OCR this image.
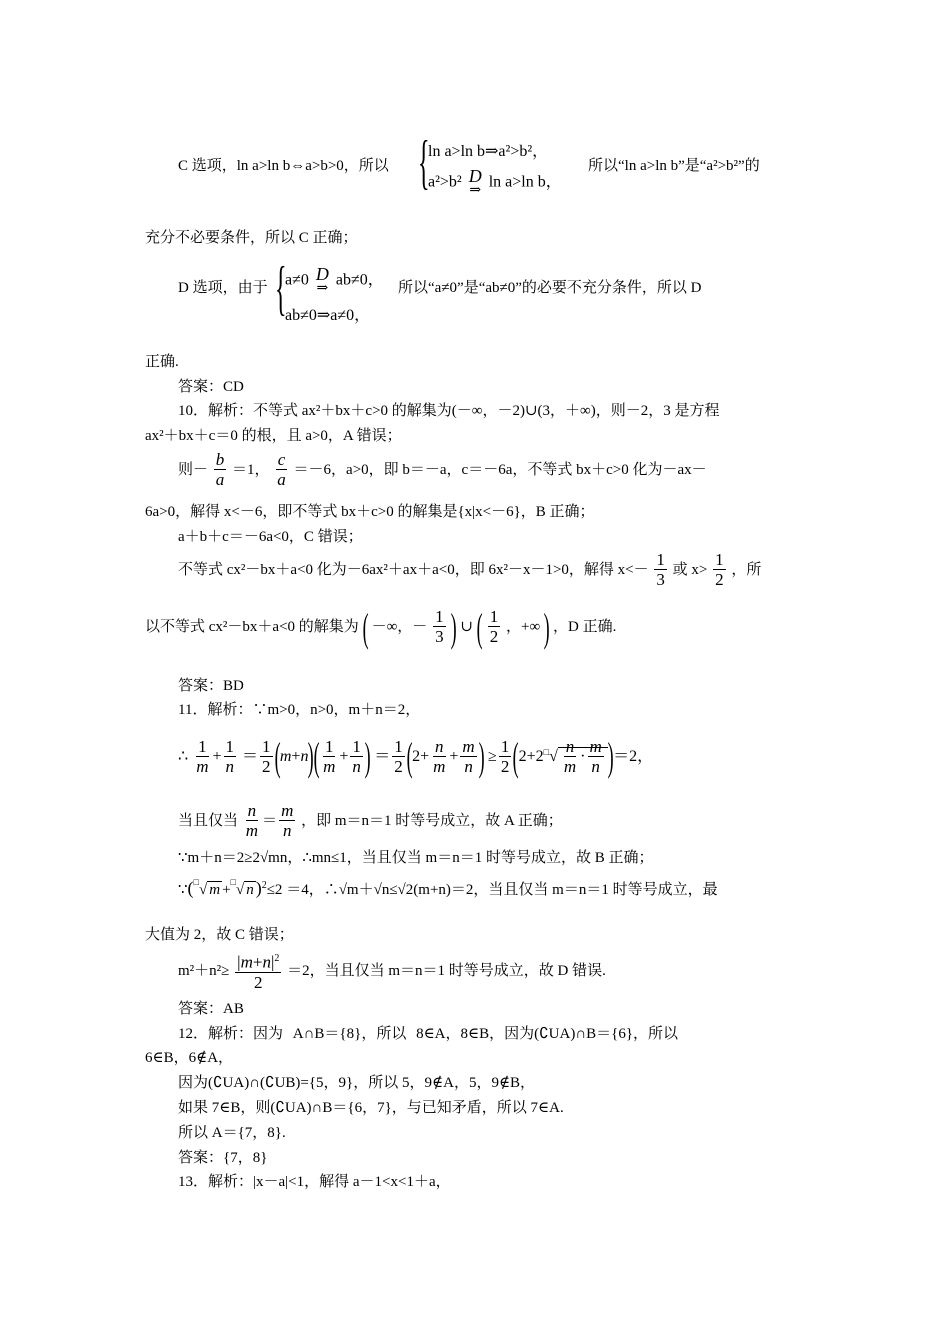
C 选项，ln a>ln b⇔a>b>0，所以 {
ln a>ln b⇒a²>b²，
a²>b² D
⇒ ln a>ln b，
所以“ln a>ln b”是“a²>b²”的
充分不必要条件，所以 C 正确；
D 选项，由于 {
a≠0 D
⇒ ab≠0，
ab≠0⇒a≠0，
所以“a≠0”是“ab≠0”的必要不充分条件，所以 D
正确.
答案：CD
10．解析：不等式 ax²＋bx＋c>0 的解集为(－∞，－2)∪(3，＋∞)，则－2，3 是方程
ax²＋bx＋c＝0 的根，且 a>0，A 错误；
则－ $\frac{b}{a} =1$， $\frac{c}{a} =-6$，a>0，即 b＝－a，c＝－6a，不等式 bx＋c>0 化为－ax－
6a>0，解得 x<－6，即不等式 bx＋c>0 的解集是{x|x<－6}，B 正确；
a＋b＋c＝－6a<0，C 错误；
不等式 cx²－bx＋a<0 化为－6ax²＋ax＋a<0，即 6x²－x－1>0，解得 $x<- \frac{1}{3}$ 或 $x> \frac{1}{2}$ ，所
以不等式 cx²－bx＋a<0 的解集为 ( －∞，－ $\frac{1}{3}$ ) ∪ ( $\frac{1}{2}$ ，+∞ ) ，D 正确.
答案：BD
11．解析：∵m>0，n>0，m＋n＝2，
∴ $\frac{1}{m} + \frac{1}{n} = \frac{1}{2} (m+n)( \frac{1}{m} + \frac{1}{n}$ ) ＝ $\frac{1}{2} (2+ \frac{n}{m} + \frac{m}{n}$ ) ≥ $\frac{1}{2} (2+2^□√ \frac{n}{m} \cdot \frac{m}{n} )=2$，
当且仅当 $\frac{n}{m} = \frac{m}{n}$ ，即 m＝n＝1 时等号成立，故 A 正确；
∵m＋n＝2≥2√mn，∴mn≤1，当且仅当 m＝n＝1 时等号成立，故 B 正确；
∵(□√ m +□√ n )$^2$≤2 ＝4，∴√m＋√n≤√2(m+n)＝2，当且仅当 m＝n＝1 时等号成立，最
大值为 2，故 C 错误；
$m^2+n^2\ge \frac{|m+n|^2}{2} =2$，当且仅当 m＝n＝1 时等号成立，故 D 错误.
答案：AB
12．解析：因为 A∩B＝{8}，所以 8∈A，8∈B，因为(∁UA)∩B＝{6}，所以
6∈B，6∉A，
因为(∁UA)∩(∁UB)={5，9}，所以 5，9∉A，5，9∉B，
如果 7∈B，则(∁UA)∩B＝{6，7}，与已知矛盾，所以 7∈A.
所以 A＝{7，8}.
答案：{7，8}
13．解析：|x－a|<1，解得 a－1<x<1＋a，
